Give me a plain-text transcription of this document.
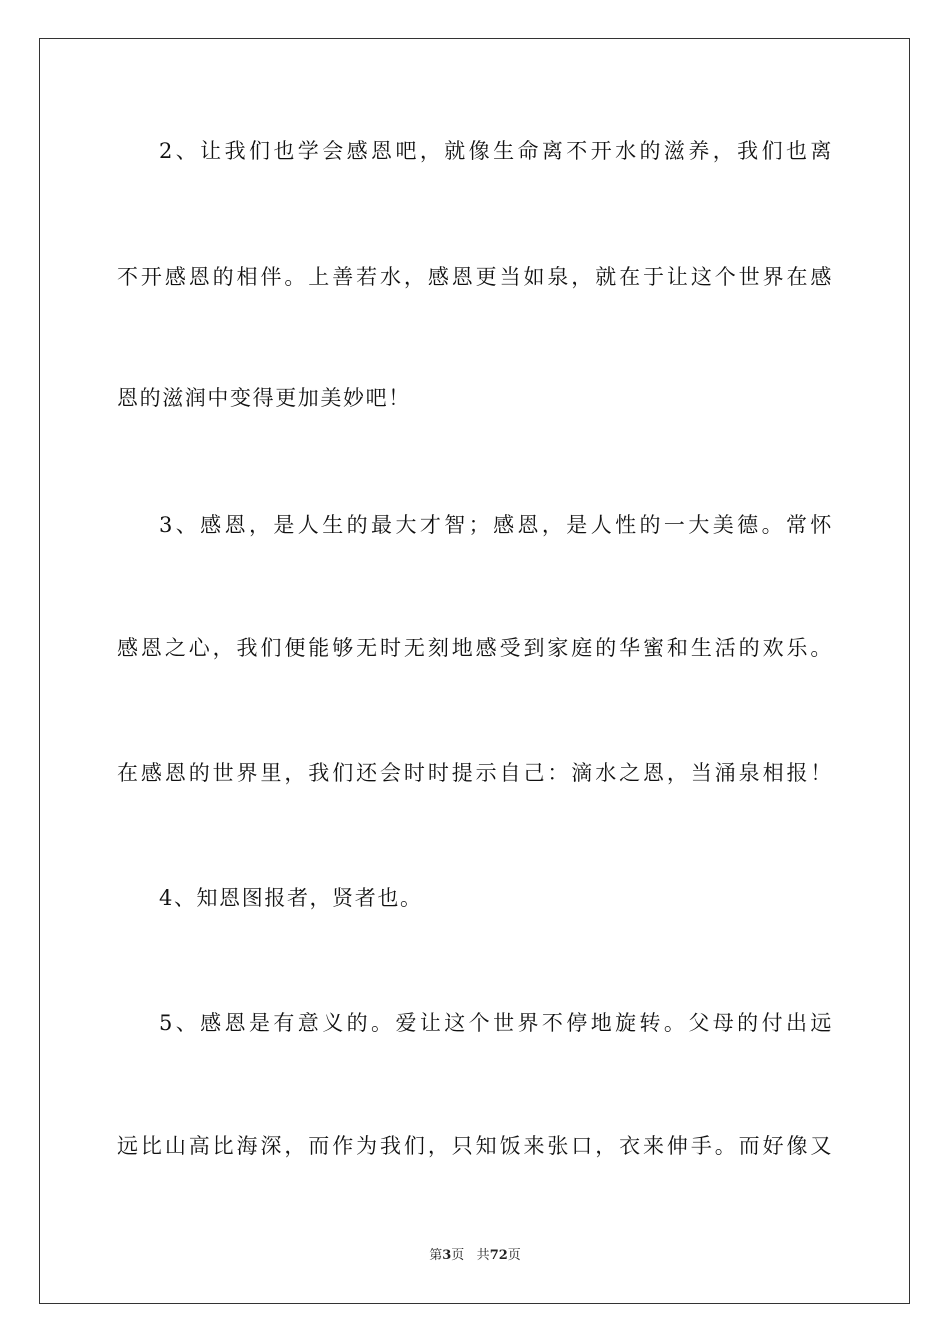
2、让我们也学会感恩吧，就像生命离不开水的滋养，我们也离
不开感恩的相伴。上善若水，感恩更当如泉，就在于让这个世界在感
恩的滋润中变得更加美妙吧！
3、感恩，是人生的最大才智；感恩，是人性的一大美德。常怀
感恩之心，我们便能够无时无刻地感受到家庭的华蜜和生活的欢乐。
在感恩的世界里，我们还会时时提示自己：滴水之恩，当涌泉相报！
4、知恩图报者，贤者也。
5、感恩是有意义的。爱让这个世界不停地旋转。父母的付出远
远比山高比海深，而作为我们，只知饭来张口，衣来伸手。而好像又
第3页 共72页
